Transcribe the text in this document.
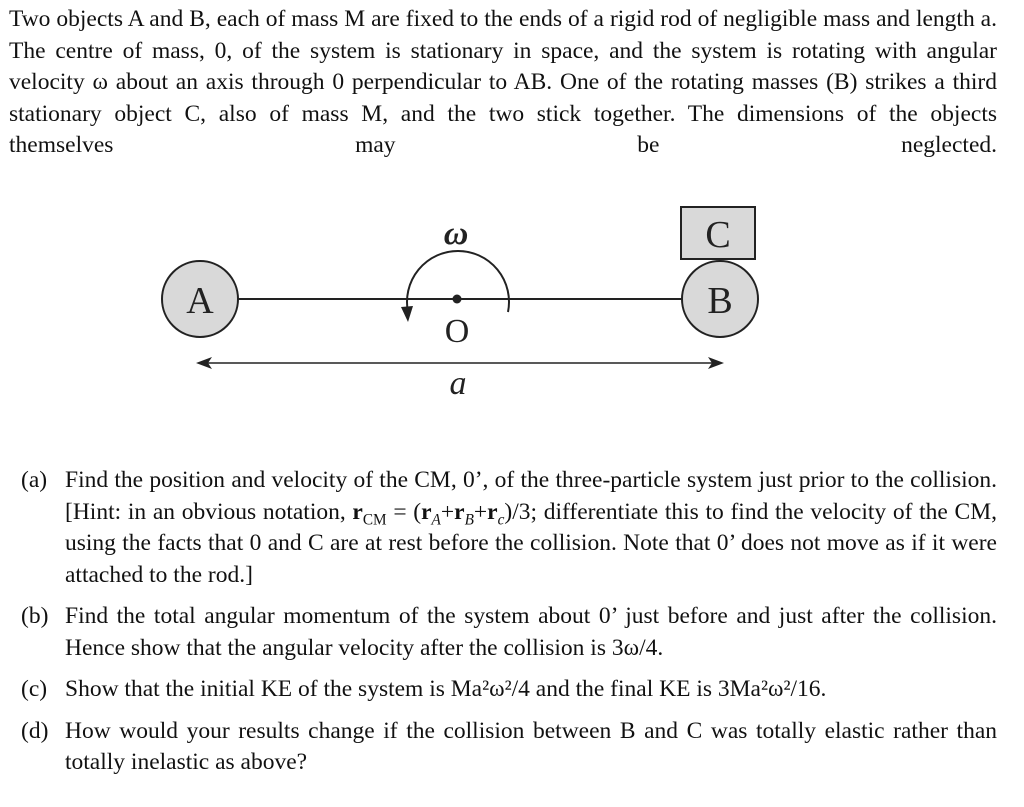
Two objects A and B, each of mass M are fixed to the ends of a rigid rod of negligible mass and length a. The centre of mass, 0, of the system is stationary in space, and the system is rotating with angular velocity ω about an axis through 0 perpendicular to AB. One of the rotating masses (B) strikes a third stationary object C, also of mass M, and the two stick together. The dimensions of the objects themselves may be neglected.

A	B
C
O
ω
a
(a) Find the position and velocity of the CM, 0’, of the three-particle system just prior to the collision. [Hint: in an obvious notation, $r_{CM} = (r_A+r_B+r_c)/3$; differentiate this to find the velocity of the CM, using the facts that 0 and C are at rest before the collision. Note that 0’ does not move as if it were attached to the rod.]
(b) Find the total angular momentum of the system about 0’ just before and just after the collision. Hence show that the angular velocity after the collision is 3ω/4.
(c) Show that the initial KE of the system is Ma²ω²/4 and the final KE is 3Ma²ω²/16.
(d) How would your results change if the collision between B and C was totally elastic rather than totally inelastic as above?
